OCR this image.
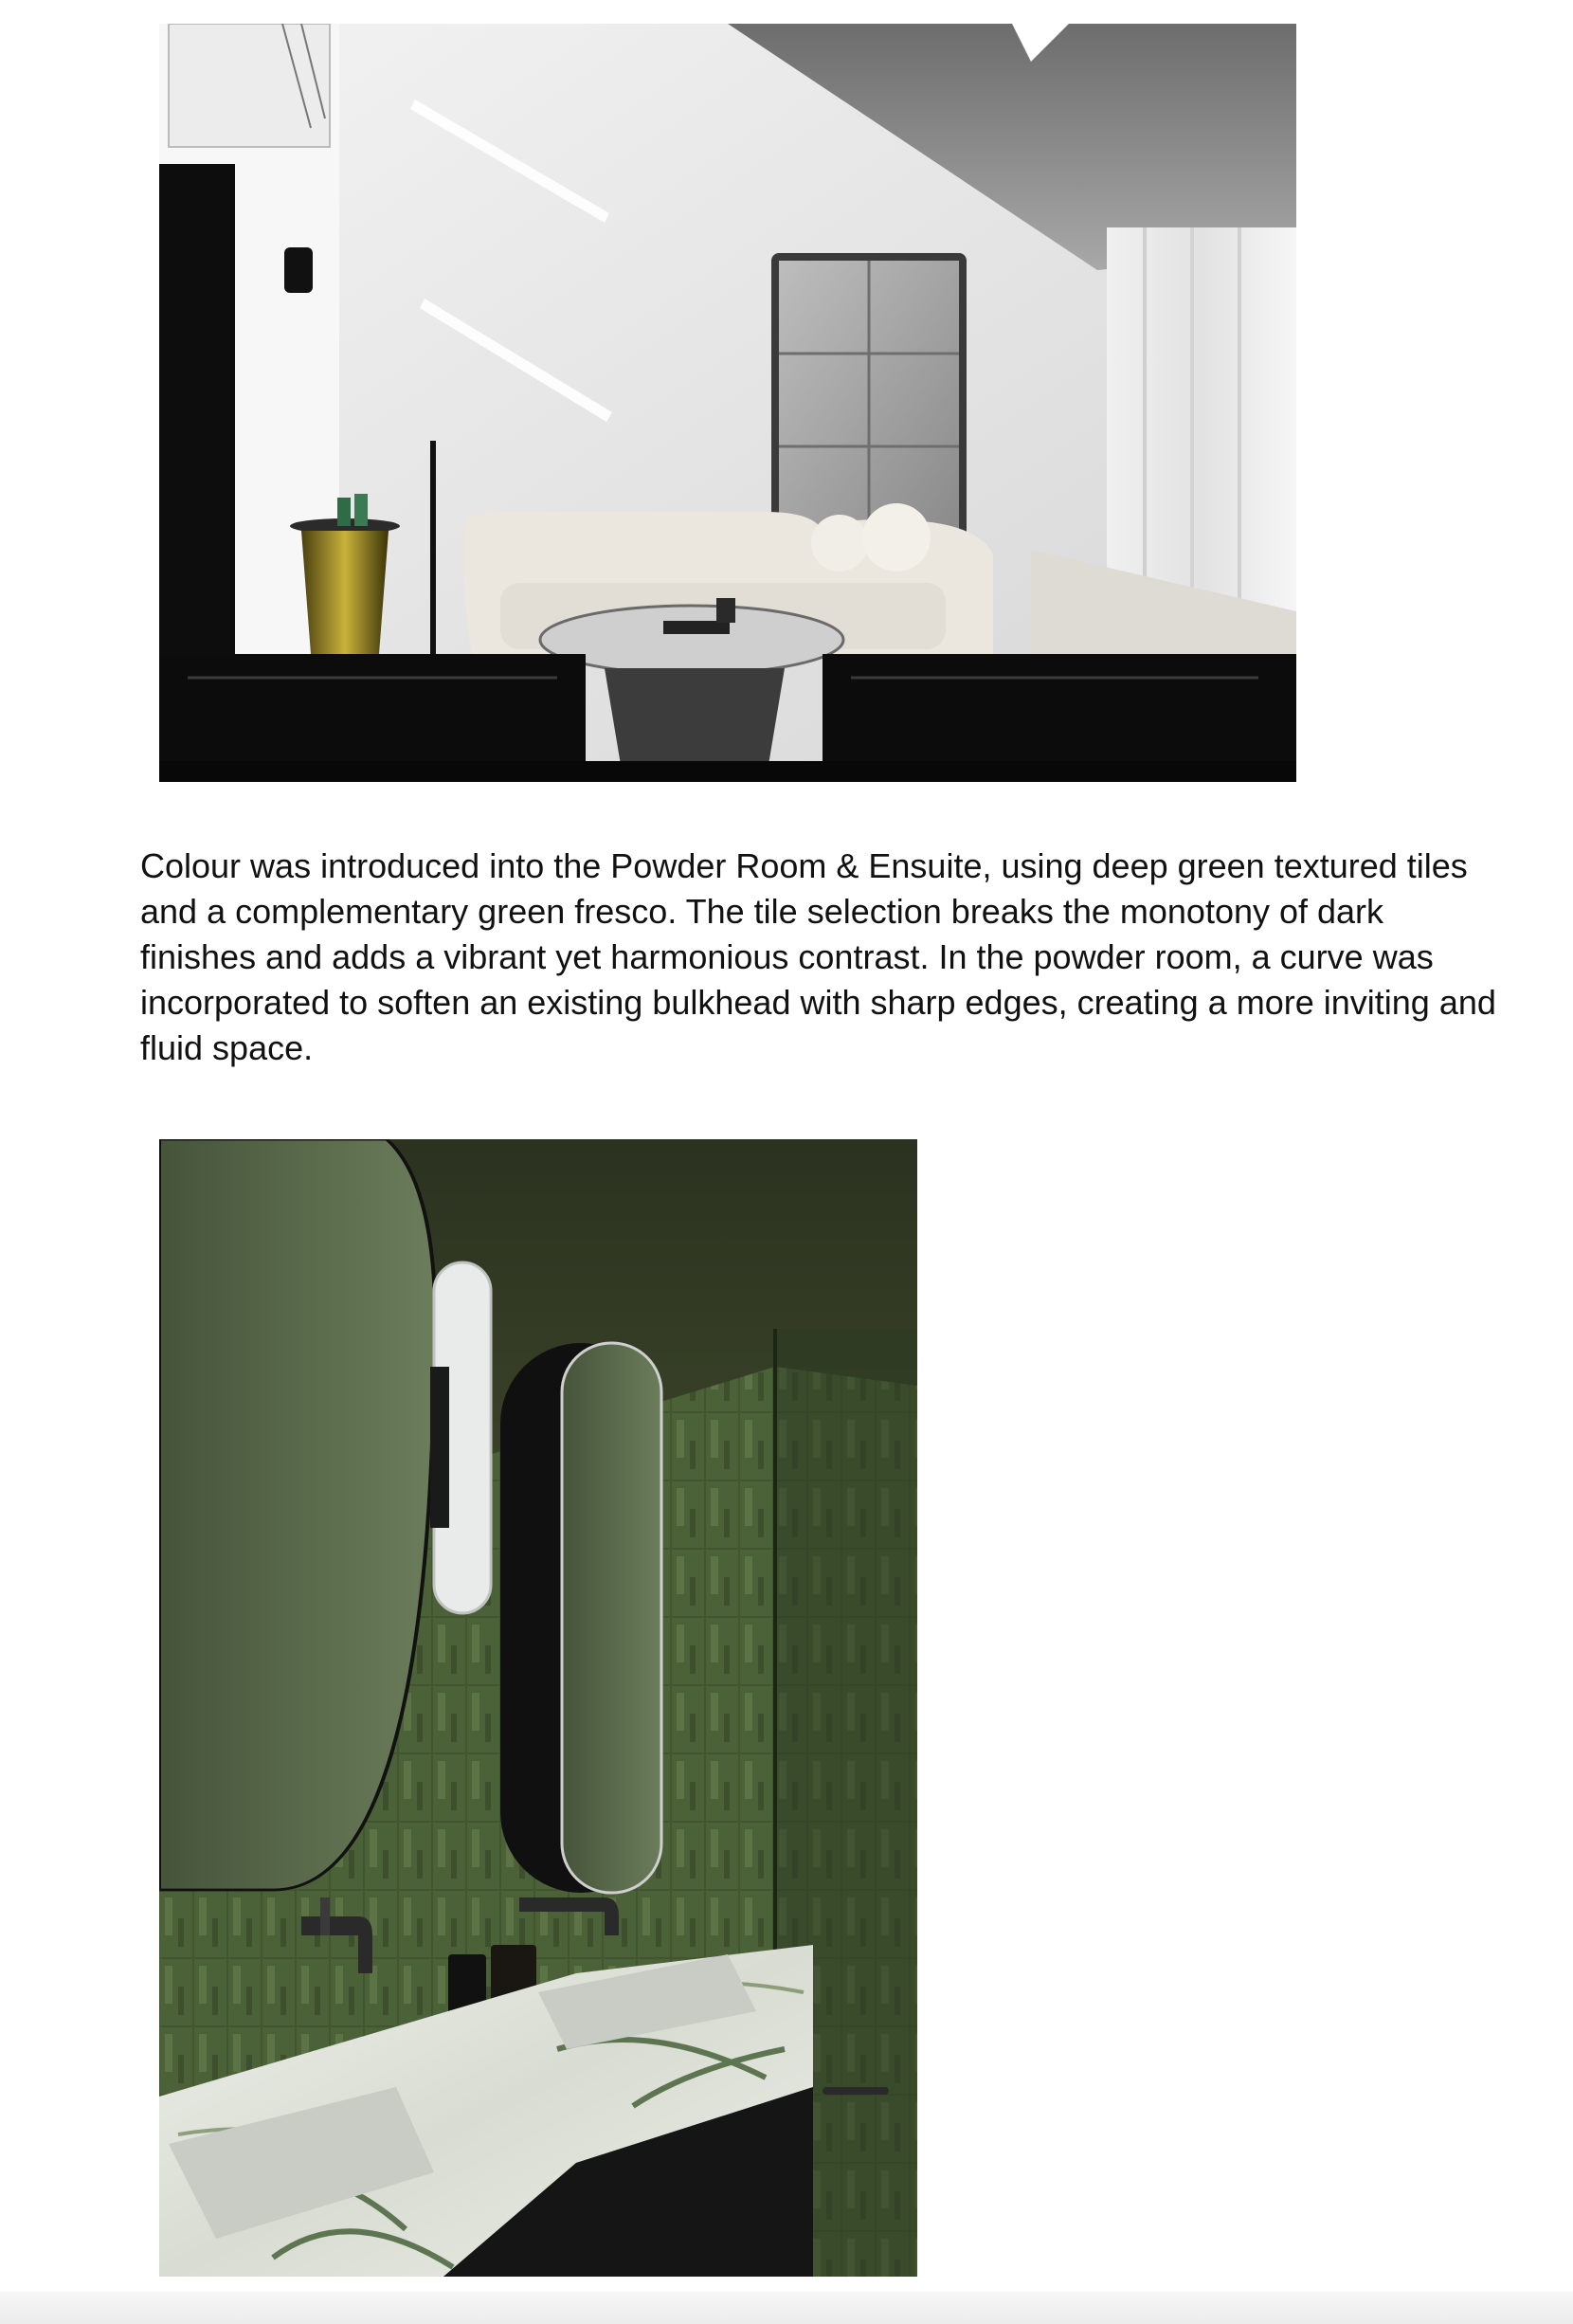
Colour was introduced into the Powder Room & Ensuite, using deep green textured tiles and a complementary green fresco. The tile selection breaks the monotony of dark finishes and adds a vibrant yet harmonious contrast. In the powder room, a curve was incorporated to soften an existing bulkhead with sharp edges, creating a more inviting and fluid space.
